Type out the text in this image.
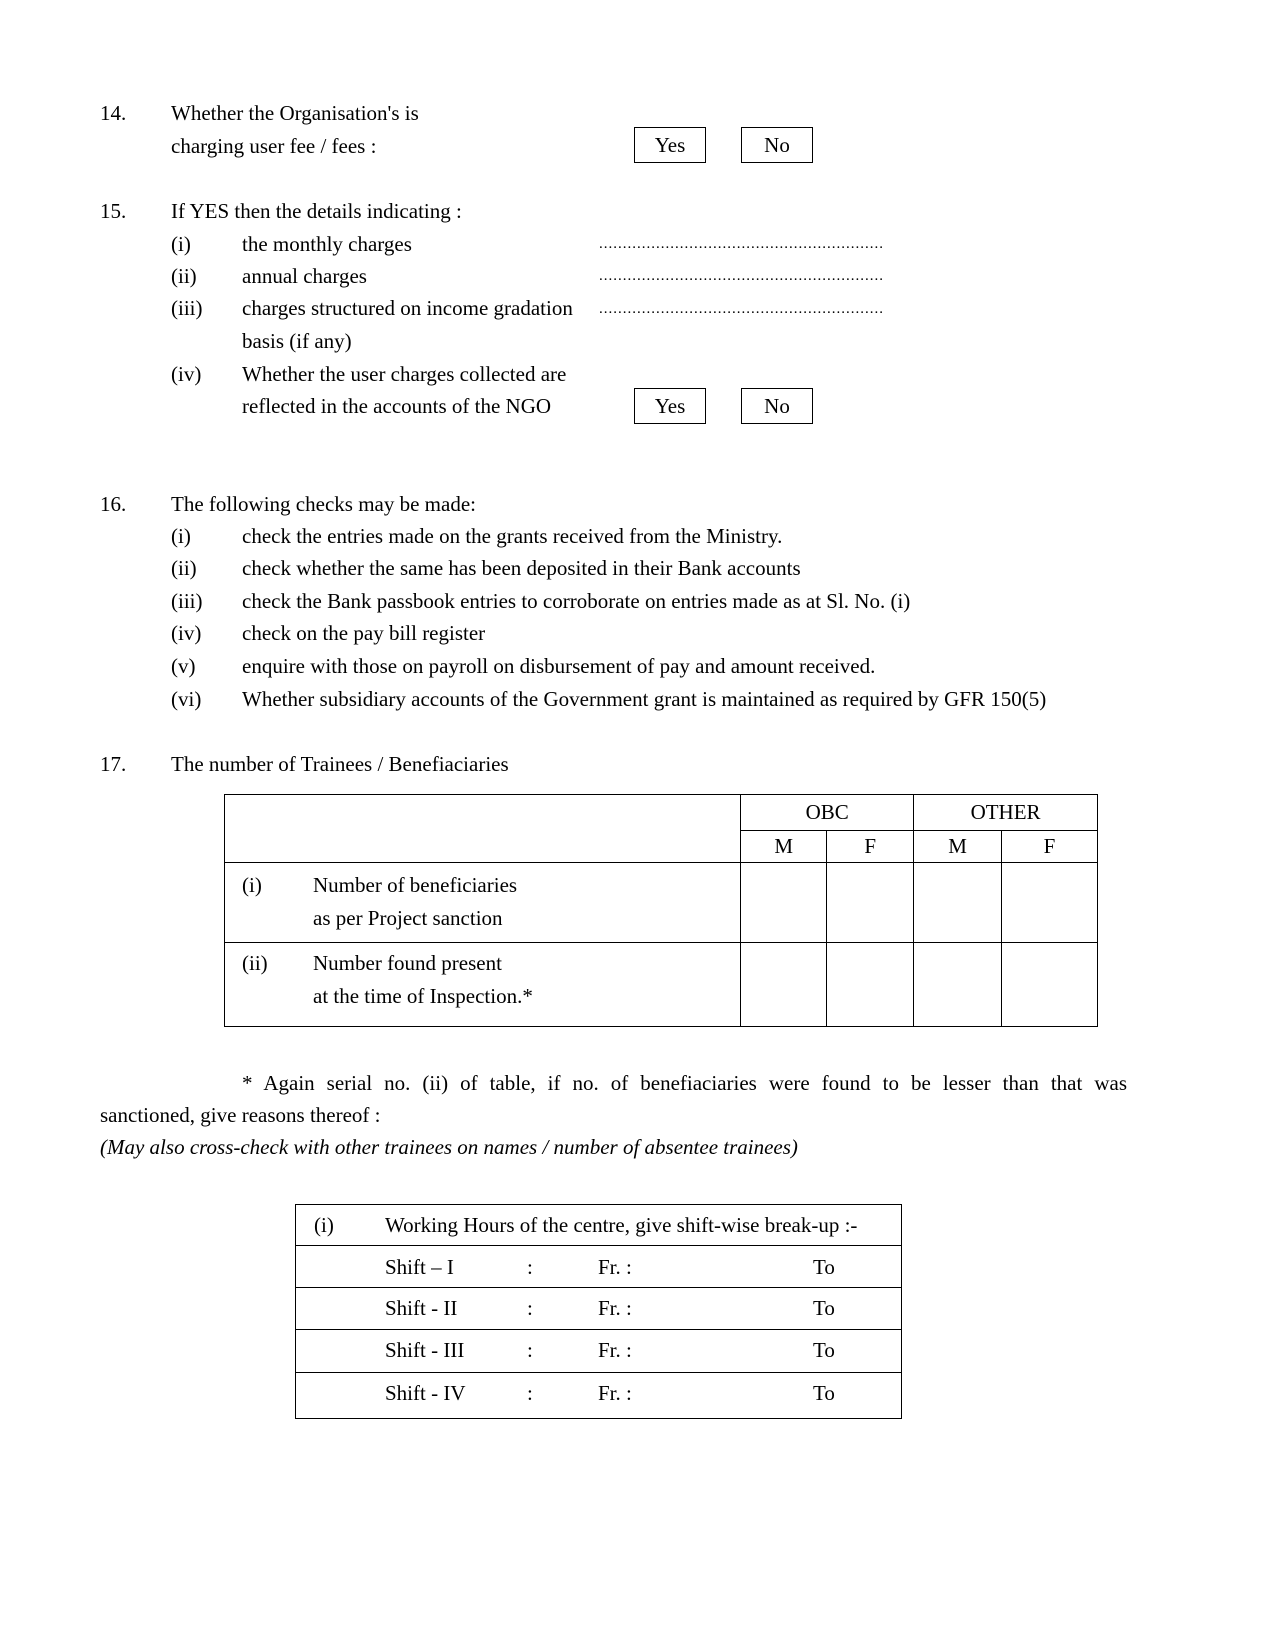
14. Whether the Organisation's is
charging user fee / fees :	Yes	No
15. If YES then the details indicating :
(i) the monthly charges	............................................................
(ii) annual charges	............................................................
(iii) charges structured on income gradation ............................................................
basis (if any)
(iv) Whether the user charges collected are
reflected in the accounts of the NGO	Yes	No
16. The following checks may be made:
(i) check the entries made on the grants received from the Ministry.
(ii) check whether the same has been deposited in their Bank accounts
(iii) check the Bank passbook entries to corroborate on entries made as at Sl. No. (i)
(iv) check on the pay bill register
(v) enquire with those on payroll on disbursement of pay and amount received.
(vi) Whether subsidiary accounts of the Government grant is maintained as required by GFR 150(5)
17. The number of Trainees / Benefiaciaries
	OBC		OTHER	
	M	F	M	F

(i) Number of beneficiaries
as per Project sanction				

(ii) Number found present
at the time of Inspection.*				

* Again serial no. (ii) of table, if no. of benefiaciaries were found to be lesser than that was
sanctioned, give reasons thereof :
(May also cross-check with other trainees on names / number of absentee trainees)
(i) Working Hours of the centre, give shift-wise break-up :-

Shift – I	:	Fr. :	To

Shift - II	:	Fr. :	To

Shift - III	:	Fr. :	To

Shift - IV	:	Fr. :	To
